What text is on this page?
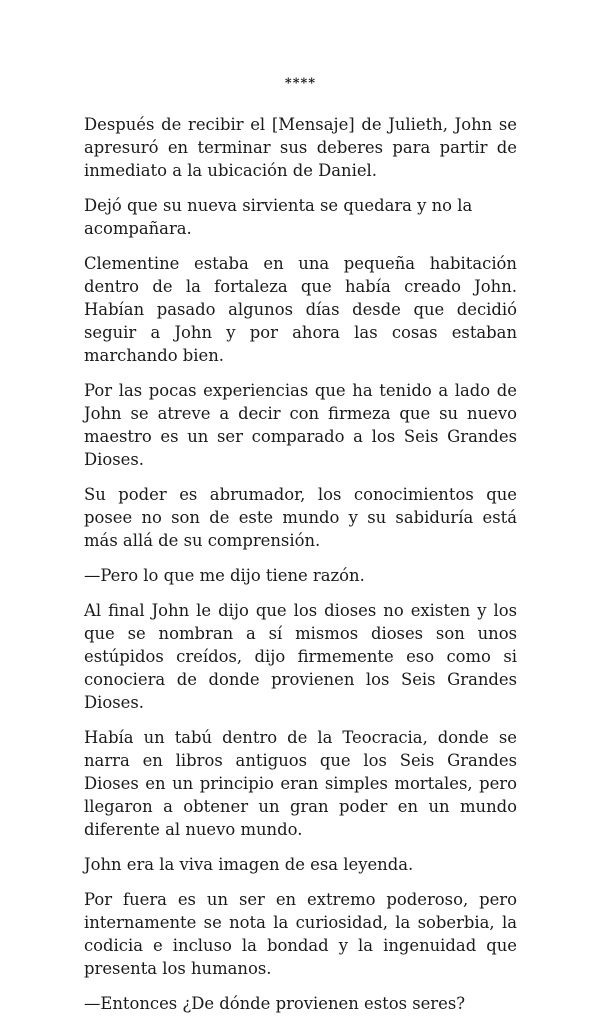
****

Después de recibir el [Mensaje] de Julieth, John se apresuró en terminar sus deberes para partir de inmediato a la ubicación de Daniel.

Dejó que su nueva sirvienta se quedara y no la acompañara.

Clementine estaba en una pequeña habitación dentro de la fortaleza que había creado John. Habían pasado algunos días desde que decidió seguir a John y por ahora las cosas estaban marchando bien.

Por las pocas experiencias que ha tenido a lado de John se atreve a decir con firmeza que su nuevo maestro es un ser comparado a los Seis Grandes Dioses.

Su poder es abrumador, los conocimientos que posee no son de este mundo y su sabiduría está más allá de su comprensión.

—Pero lo que me dijo tiene razón.

Al final John le dijo que los dioses no existen y los que se nombran a sí mismos dioses son unos estúpidos creídos, dijo firmemente eso como si conociera de donde provienen los Seis Grandes Dioses.

Había un tabú dentro de la Teocracia, donde se narra en libros antiguos que los Seis Grandes Dioses en un principio eran simples mortales, pero llegaron a obtener un gran poder en un mundo diferente al nuevo mundo.

John era la viva imagen de esa leyenda.

Por fuera es un ser en extremo poderoso, pero internamente se nota la curiosidad, la soberbia, la codicia e incluso la bondad y la ingenuidad que presenta los humanos.

—Entonces ¿De dónde provienen estos seres?
